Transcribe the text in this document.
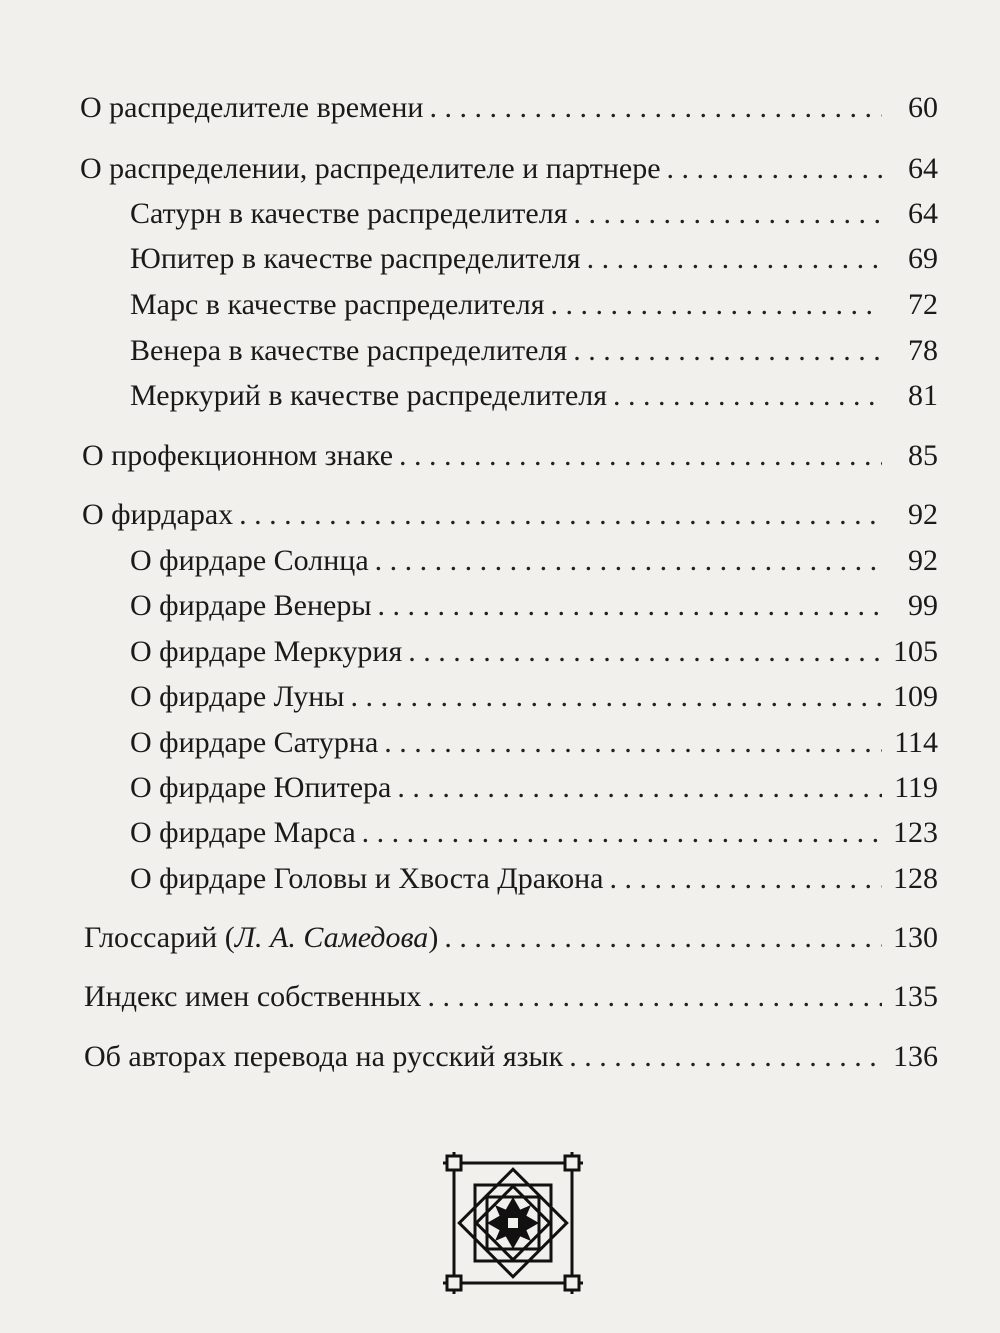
О распределителе времени . . .	60
О распределении, распределителе и партнере . . .	64
Сатурн в качестве распределителя . . .	64
Юпитер в качестве распределителя . . .	69
Марс в качестве распределителя . . .	72
Венера в качестве распределителя . . .	78
Меркурий в качестве распределителя . . .	81
О профекционном знаке . . .	85
О фирдарах . . .	92
О фирдаре Солнца . . .	92
О фирдаре Венеры . . .	99
О фирдаре Меркурия . . .	105
О фирдаре Луны . . .	109
О фирдаре Сатурна . . .	114
О фирдаре Юпитера . . .	119
О фирдаре Марса . . .	123
О фирдаре Головы и Хвоста Дракона . . .	128
Глоссарий (Л. А. Самедова) . . .	130
Индекс имен собственных . . .	135
Об авторах перевода на русский язык . . .	136
